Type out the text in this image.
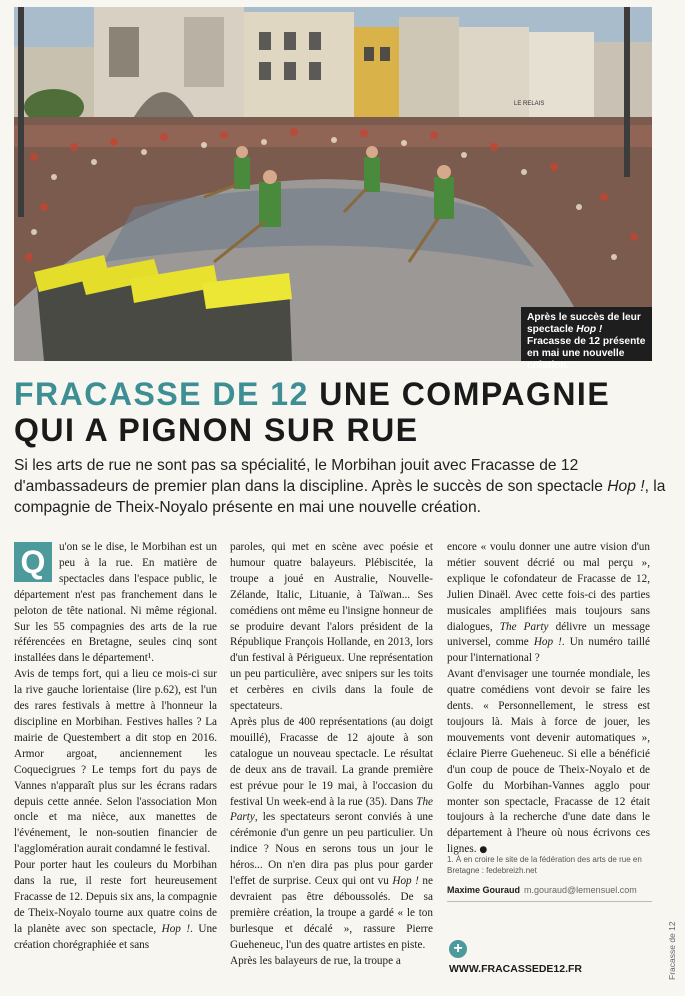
LE RELAIS
Après le succès de leur spectacle Hop ! Fracasse de 12 présente en mai une nouvelle création.
FRACASSE DE 12 UNE COMPAGNIE QUI A PIGNON SUR RUE

Si les arts de rue ne sont pas sa spécialité, le Morbihan jouit avec Fracasse de 12 d'ambassadeurs de premier plan dans la discipline. Après le succès de son spectacle Hop !, la compagnie de Theix-Noyalo présente en mai une nouvelle création.

Q	u'on se le dise, le Morbihan est un peu à la rue. En matière de spectacles dans l'espace public, le département n'est pas franchement dans le peloton de tête national. Ni même régional. Sur les 55 compagnies des arts de la rue référencées en Bretagne, seules cinq sont installées dans le département¹.

Avis de temps fort, qui a lieu ce mois-ci sur la rive gauche lorientaise (lire p.62), est l'un des rares festivals à mettre à l'honneur la discipline en Morbihan. Festives halles ? La mairie de Questembert a dit stop en 2016. Armor argoat, anciennement les Coquecigrues ? Le temps fort du pays de Vannes n'apparaît plus sur les écrans radars depuis cette année. Selon l'association Mon oncle et ma nièce, aux manettes de l'événement, le non-soutien financier de l'agglomération aurait condamné le festival.

Pour porter haut les couleurs du Morbihan dans la rue, il reste fort heureusement Fracasse de 12. Depuis six ans, la compagnie de Theix-Noyalo tourne aux quatre coins de la planète avec son spectacle, Hop !. Une création chorégraphiée et sans

paroles, qui met en scène avec poésie et humour quatre balayeurs. Plébiscitée, la troupe a joué en Australie, Nouvelle-Zélande, Italic, Lituanie, à Taïwan... Ses comédiens ont même eu l'insigne honneur de se produire devant l'alors président de la République François Hollande, en 2013, lors d'un festival à Périgueux. Une représentation un peu particulière, avec snipers sur les toits et cerbères en civils dans la foule de spectateurs.

Après plus de 400 représentations (au doigt mouillé), Fracasse de 12 ajoute à son catalogue un nouveau spectacle. Le résultat de deux ans de travail. La grande première est prévue pour le 19 mai, à l'occasion du festival Un week-end à la rue (35). Dans The Party, les spectateurs seront conviés à une cérémonie d'un genre un peu particulier. Un indice ? Nous en serons tous un jour le héros... On n'en dira pas plus pour garder l'effet de surprise. Ceux qui ont vu Hop ! ne devraient pas être déboussolés. De sa première création, la troupe a gardé « le ton burlesque et décalé », rassure Pierre Gueheneuc, l'un des quatre artistes en piste.

Après les balayeurs de rue, la troupe a

encore « voulu donner une autre vision d'un métier souvent décrié ou mal perçu », explique le cofondateur de Fracasse de 12, Julien Dinaël. Avec cette fois-ci des parties musicales amplifiées mais toujours sans dialogues, The Party délivre un message universel, comme Hop !. Un numéro taillé pour l'international ?

Avant d'envisager une tournée mondiale, les quatre comédiens vont devoir se faire les dents. « Personnellement, le stress est toujours là. Mais à force de jouer, les mouvements vont devenir automatiques », éclaire Pierre Gueheneuc. Si elle a bénéficié d'un coup de pouce de Theix-Noyalo et de Golfe du Morbihan-Vannes agglo pour monter son spectacle, Fracasse de 12 était toujours à la recherche d'une date dans le département à l'heure où nous écrivons ces lignes. ●

1. À en croire le site de la fédération des arts de rue en Bretagne : fedebreizh.net

Maxime Gouraud m.gouraud@lemensuel.com

+

WWW.FRACASSEDE12.FR	Fracasse de 12
